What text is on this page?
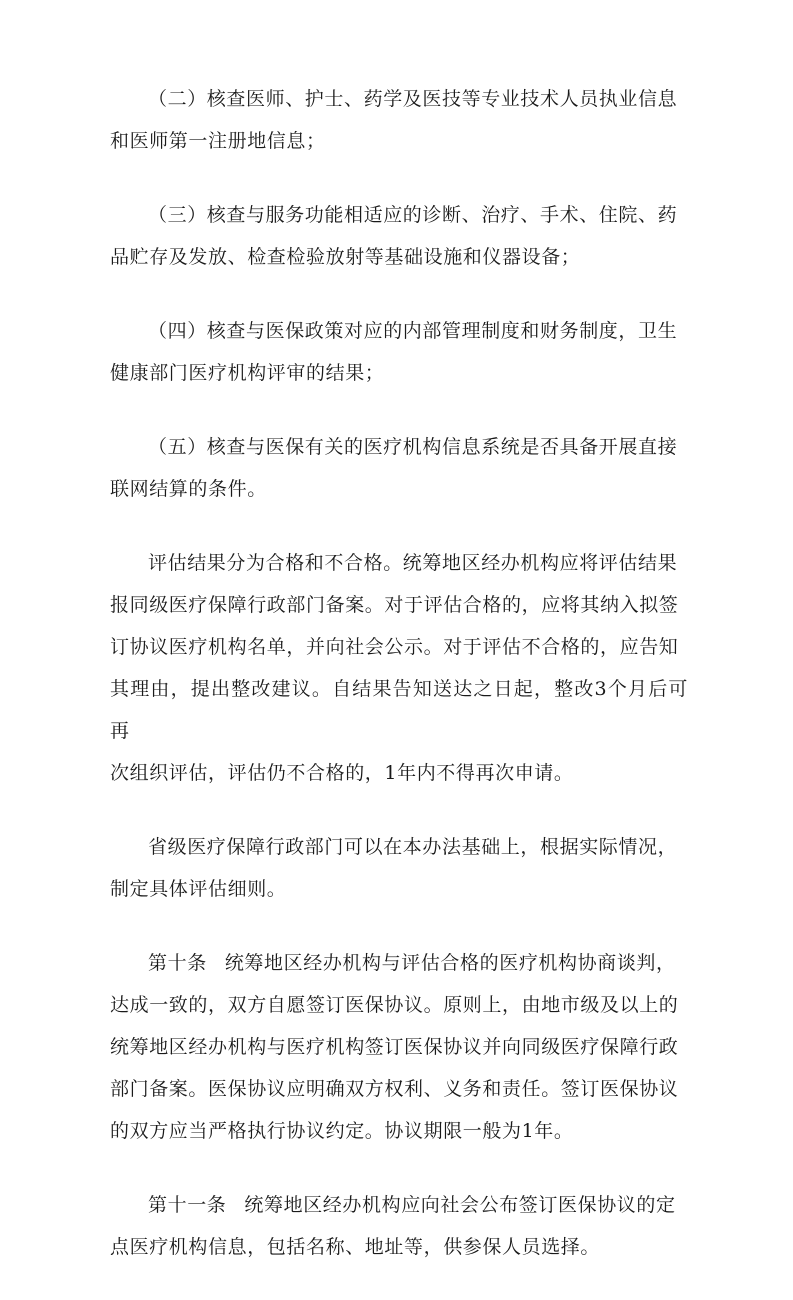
（二）核查医师、护士、药学及医技等专业技术人员执业信息
和医师第一注册地信息；

（三）核查与服务功能相适应的诊断、治疗、手术、住院、药
品贮存及发放、检查检验放射等基础设施和仪器设备；

（四）核查与医保政策对应的内部管理制度和财务制度，卫生
健康部门医疗机构评审的结果；

（五）核查与医保有关的医疗机构信息系统是否具备开展直接
联网结算的条件。

评估结果分为合格和不合格。统筹地区经办机构应将评估结果
报同级医疗保障行政部门备案。对于评估合格的，应将其纳入拟签
订协议医疗机构名单，并向社会公示。对于评估不合格的，应告知
其理由，提出整改建议。自结果告知送达之日起，整改3个月后可再
次组织评估，评估仍不合格的，1年内不得再次申请。

省级医疗保障行政部门可以在本办法基础上，根据实际情况，
制定具体评估细则。

第十条 统筹地区经办机构与评估合格的医疗机构协商谈判，
达成一致的，双方自愿签订医保协议。原则上，由地市级及以上的
统筹地区经办机构与医疗机构签订医保协议并向同级医疗保障行政
部门备案。医保协议应明确双方权利、义务和责任。签订医保协议
的双方应当严格执行协议约定。协议期限一般为1年。

第十一条 统筹地区经办机构应向社会公布签订医保协议的定
点医疗机构信息，包括名称、地址等，供参保人员选择。
